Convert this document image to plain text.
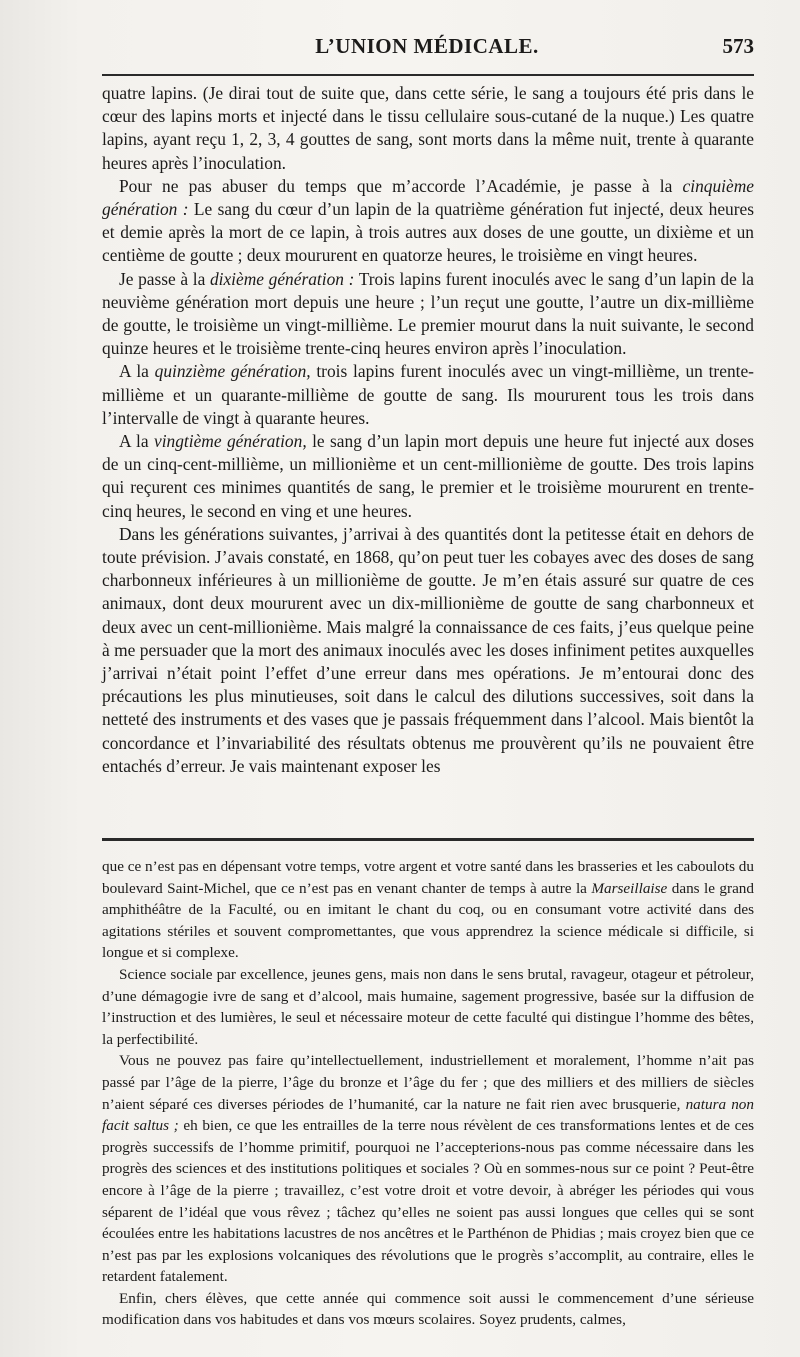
L’UNION MÉDICALE.	573

quatre lapins. (Je dirai tout de suite que, dans cette série, le sang a toujours été pris dans le cœur des lapins morts et injecté dans le tissu cellulaire sous-cutané de la nuque.) Les quatre lapins, ayant reçu 1, 2, 3, 4 gouttes de sang, sont morts dans la même nuit, trente à quarante heures après l’inoculation.

Pour ne pas abuser du temps que m’accorde l’Académie, je passe à la cinquième génération : Le sang du cœur d’un lapin de la quatrième génération fut injecté, deux heures et demie après la mort de ce lapin, à trois autres aux doses de une goutte, un dixième et un centième de goutte ; deux moururent en quatorze heures, le troisième en vingt heures.

Je passe à la dixième génération : Trois lapins furent inoculés avec le sang d’un lapin de la neuvième génération mort depuis une heure ; l’un reçut une goutte, l’autre un dix-millième de goutte, le troisième un vingt-millième. Le premier mourut dans la nuit suivante, le second quinze heures et le troisième trente-cinq heures environ après l’inoculation.

A la quinzième génération, trois lapins furent inoculés avec un vingt-millième, un trente-millième et un quarante-millième de goutte de sang. Ils moururent tous les trois dans l’intervalle de vingt à quarante heures.

A la vingtième génération, le sang d’un lapin mort depuis une heure fut injecté aux doses de un cinq-cent-millième, un millionième et un cent-millionième de goutte. Des trois lapins qui reçurent ces minimes quantités de sang, le premier et le troisième moururent en trente-cinq heures, le second en ving et une heures.

Dans les générations suivantes, j’arrivai à des quantités dont la petitesse était en dehors de toute prévision. J’avais constaté, en 1868, qu’on peut tuer les cobayes avec des doses de sang charbonneux inférieures à un millionième de goutte. Je m’en étais assuré sur quatre de ces animaux, dont deux moururent avec un dix-millionième de goutte de sang charbonneux et deux avec un cent-millionième. Mais malgré la connaissance de ces faits, j’eus quelque peine à me persuader que la mort des animaux inoculés avec les doses infiniment petites auxquelles j’arrivai n’était point l’effet d’une erreur dans mes opérations. Je m’entourai donc des précautions les plus minutieuses, soit dans le calcul des dilutions successives, soit dans la netteté des instruments et des vases que je passais fréquemment dans l’alcool. Mais bientôt la concordance et l’invariabilité des résultats obtenus me prouvèrent qu’ils ne pouvaient être entachés d’erreur. Je vais maintenant exposer les

que ce n’est pas en dépensant votre temps, votre argent et votre santé dans les brasseries et les caboulots du boulevard Saint-Michel, que ce n’est pas en venant chanter de temps à autre la Marseillaise dans le grand amphithéâtre de la Faculté, ou en imitant le chant du coq, ou en consumant votre activité dans des agitations stériles et souvent compromettantes, que vous apprendrez la science médicale si difficile, si longue et si complexe.

Science sociale par excellence, jeunes gens, mais non dans le sens brutal, ravageur, otageur et pétroleur, d’une démagogie ivre de sang et d’alcool, mais humaine, sagement progressive, basée sur la diffusion de l’instruction et des lumières, le seul et nécessaire moteur de cette faculté qui distingue l’homme des bêtes, la perfectibilité.

Vous ne pouvez pas faire qu’intellectuellement, industriellement et moralement, l’homme n’ait pas passé par l’âge de la pierre, l’âge du bronze et l’âge du fer ; que des milliers et des milliers de siècles n’aient séparé ces diverses périodes de l’humanité, car la nature ne fait rien avec brusquerie, natura non facit saltus ; eh bien, ce que les entrailles de la terre nous révèlent de ces transformations lentes et de ces progrès successifs de l’homme primitif, pourquoi ne l’accepterions-nous pas comme nécessaire dans les progrès des sciences et des institutions politiques et sociales ? Où en sommes-nous sur ce point ? Peut-être encore à l’âge de la pierre ; travaillez, c’est votre droit et votre devoir, à abréger les périodes qui vous séparent de l’idéal que vous rêvez ; tâchez qu’elles ne soient pas aussi longues que celles qui se sont écoulées entre les habitations lacustres de nos ancêtres et le Parthénon de Phidias ; mais croyez bien que ce n’est pas par les explosions volcaniques des révolutions que le progrès s’accomplit, au contraire, elles le retardent fatalement.

Enfin, chers élèves, que cette année qui commence soit aussi le commencement d’une sérieuse modification dans vos habitudes et dans vos mœurs scolaires. Soyez prudents, calmes,
